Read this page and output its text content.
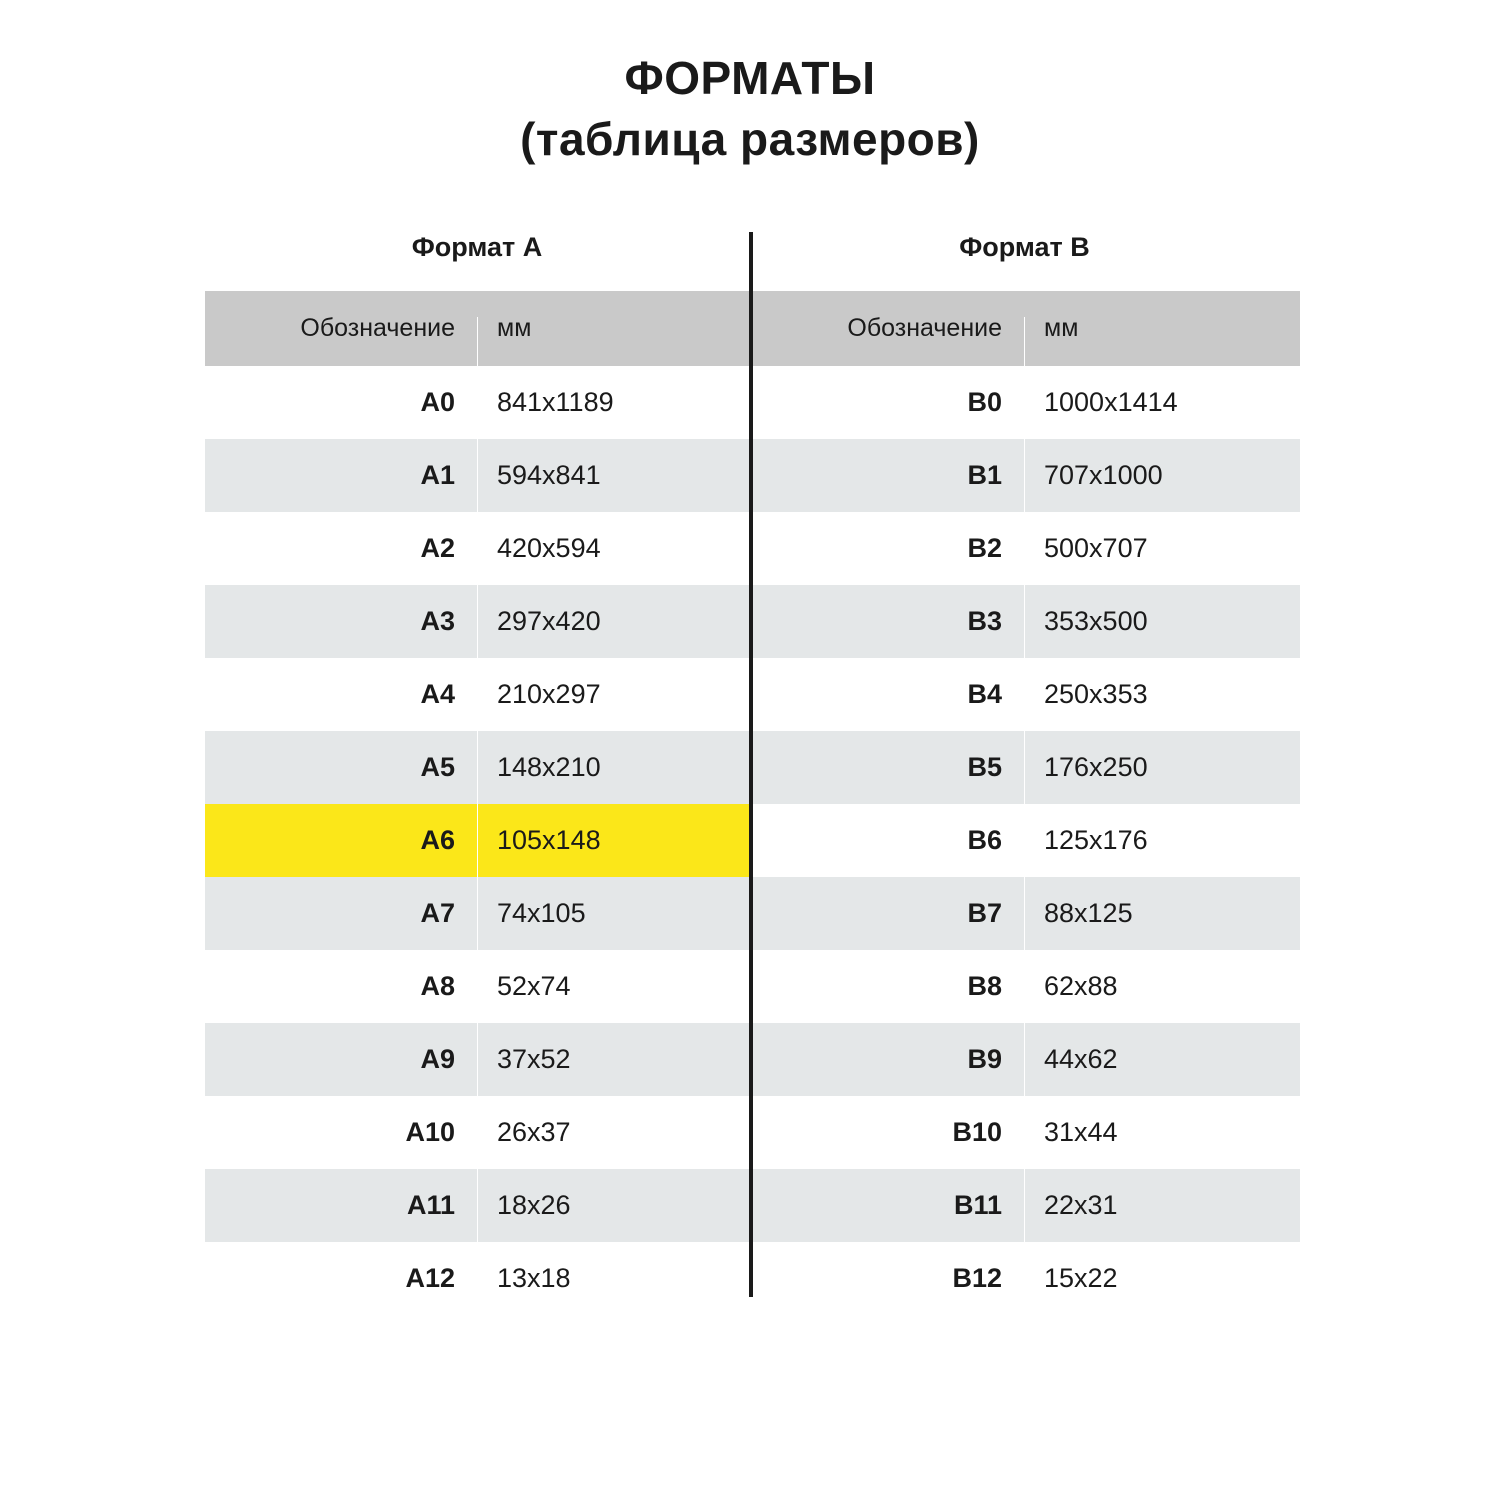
ФОРМАТЫ
(таблица размеров)
Формат A		Формат B	
Обозначение	мм	Обозначение	мм
A0	841x1189	B0	1000x1414
A1	594x841	B1	707x1000
A2	420x594	B2	500x707
A3	297x420	B3	353x500
A4	210x297	B4	250x353
A5	148x210	B5	176x250
A6	105x148	B6	125x176
A7	74x105	B7	88x125
A8	52x74	B8	62x88
A9	37x52	B9	44x62
A10	26x37	B10	31x44
A11	18x26	B11	22x31
A12	13x18	B12	15x22
